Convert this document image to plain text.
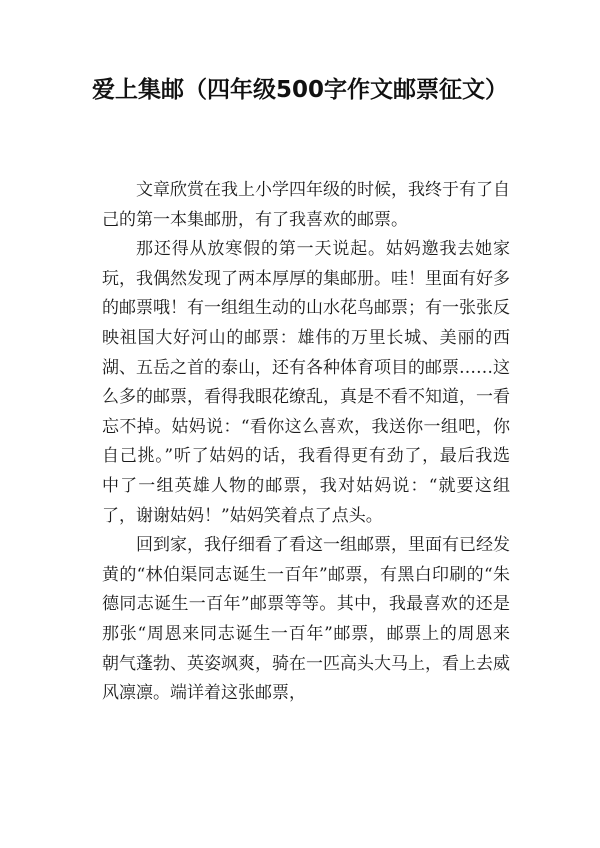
爱上集邮（四年级500字作文邮票征文）

文章欣赏在我上小学四年级的时候，我终于有了自己的第一本集邮册，有了我喜欢的邮票。

那还得从放寒假的第一天说起。姑妈邀我去她家玩，我偶然发现了两本厚厚的集邮册。哇！里面有好多的邮票哦！有一组组生动的山水花鸟邮票；有一张张反映祖国大好河山的邮票：雄伟的万里长城、美丽的西湖、五岳之首的泰山，还有各种体育项目的邮票……这么多的邮票，看得我眼花缭乱，真是不看不知道，一看忘不掉。姑妈说：“看你这么喜欢，我送你一组吧，你自己挑。”听了姑妈的话，我看得更有劲了，最后我选中了一组英雄人物的邮票，我对姑妈说：“就要这组了，谢谢姑妈！”姑妈笑着点了点头。

回到家，我仔细看了看这一组邮票，里面有已经发黄的“林伯渠同志诞生一百年”邮票，有黑白印刷的“朱德同志诞生一百年”邮票等等。其中，我最喜欢的还是那张“周恩来同志诞生一百年”邮票，邮票上的周恩来朝气蓬勃、英姿飒爽，骑在一匹高头大马上，看上去威风凛凛。端详着这张邮票，
